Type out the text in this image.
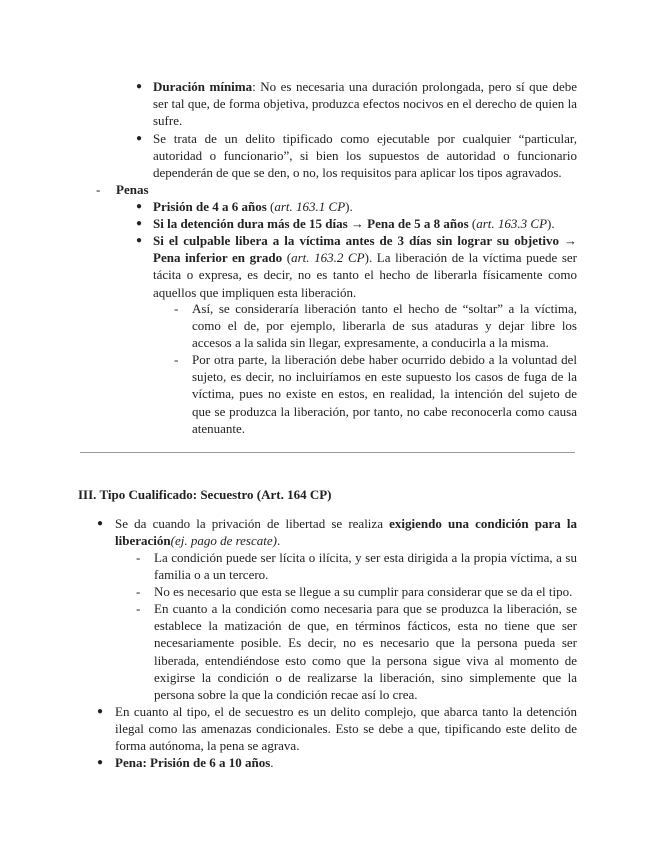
● Duración mínima: No es necesaria una duración prolongada, pero sí que debe ser tal que, de forma objetiva, produzca efectos nocivos en el derecho de quien la sufre.
● Se trata de un delito tipificado como ejecutable por cualquier “particular, autoridad o funcionario”, si bien los supuestos de autoridad o funcionario dependerán de que se den, o no, los requisitos para aplicar los tipos agravados.
- Penas
● Prisión de 4 a 6 años (art. 163.1 CP).
● Si la detención dura más de 15 días → Pena de 5 a 8 años (art. 163.3 CP).
● Si el culpable libera a la víctima antes de 3 días sin lograr su objetivo → Pena inferior en grado (art. 163.2 CP). La liberación de la víctima puede ser tácita o expresa, es decir, no es tanto el hecho de liberarla físicamente como aquellos que impliquen esta liberación.
- Así, se consideraría liberación tanto el hecho de “soltar” a la víctima, como el de, por ejemplo, liberarla de sus ataduras y dejar libre los accesos a la salida sin llegar, expresamente, a conducirla a la misma.
- Por otra parte, la liberación debe haber ocurrido debido a la voluntad del sujeto, es decir, no incluiríamos en este supuesto los casos de fuga de la víctima, pues no existe en estos, en realidad, la intención del sujeto de que se produzca la liberación, por tanto, no cabe reconocerla como causa atenuante.
III. Tipo Cualificado: Secuestro (Art. 164 CP)
● Se da cuando la privación de libertad se realiza exigiendo una condición para la liberación(ej. pago de rescate).
- La condición puede ser lícita o ilícita, y ser esta dirigida a la propia víctima, a su familia o a un tercero.
- No es necesario que esta se llegue a su cumplir para considerar que se da el tipo.
- En cuanto a la condición como necesaria para que se produzca la liberación, se establece la matización de que, en términos fácticos, esta no tiene que ser necesariamente posible. Es decir, no es necesario que la persona pueda ser liberada, entendiéndose esto como que la persona sigue viva al momento de exigirse la condición o de realizarse la liberación, sino simplemente que la persona sobre la que la condición recae así lo crea.
● En cuanto al tipo, el de secuestro es un delito complejo, que abarca tanto la detención ilegal como las amenazas condicionales. Esto se debe a que, tipificando este delito de forma autónoma, la pena se agrava.
● Pena: Prisión de 6 a 10 años.
